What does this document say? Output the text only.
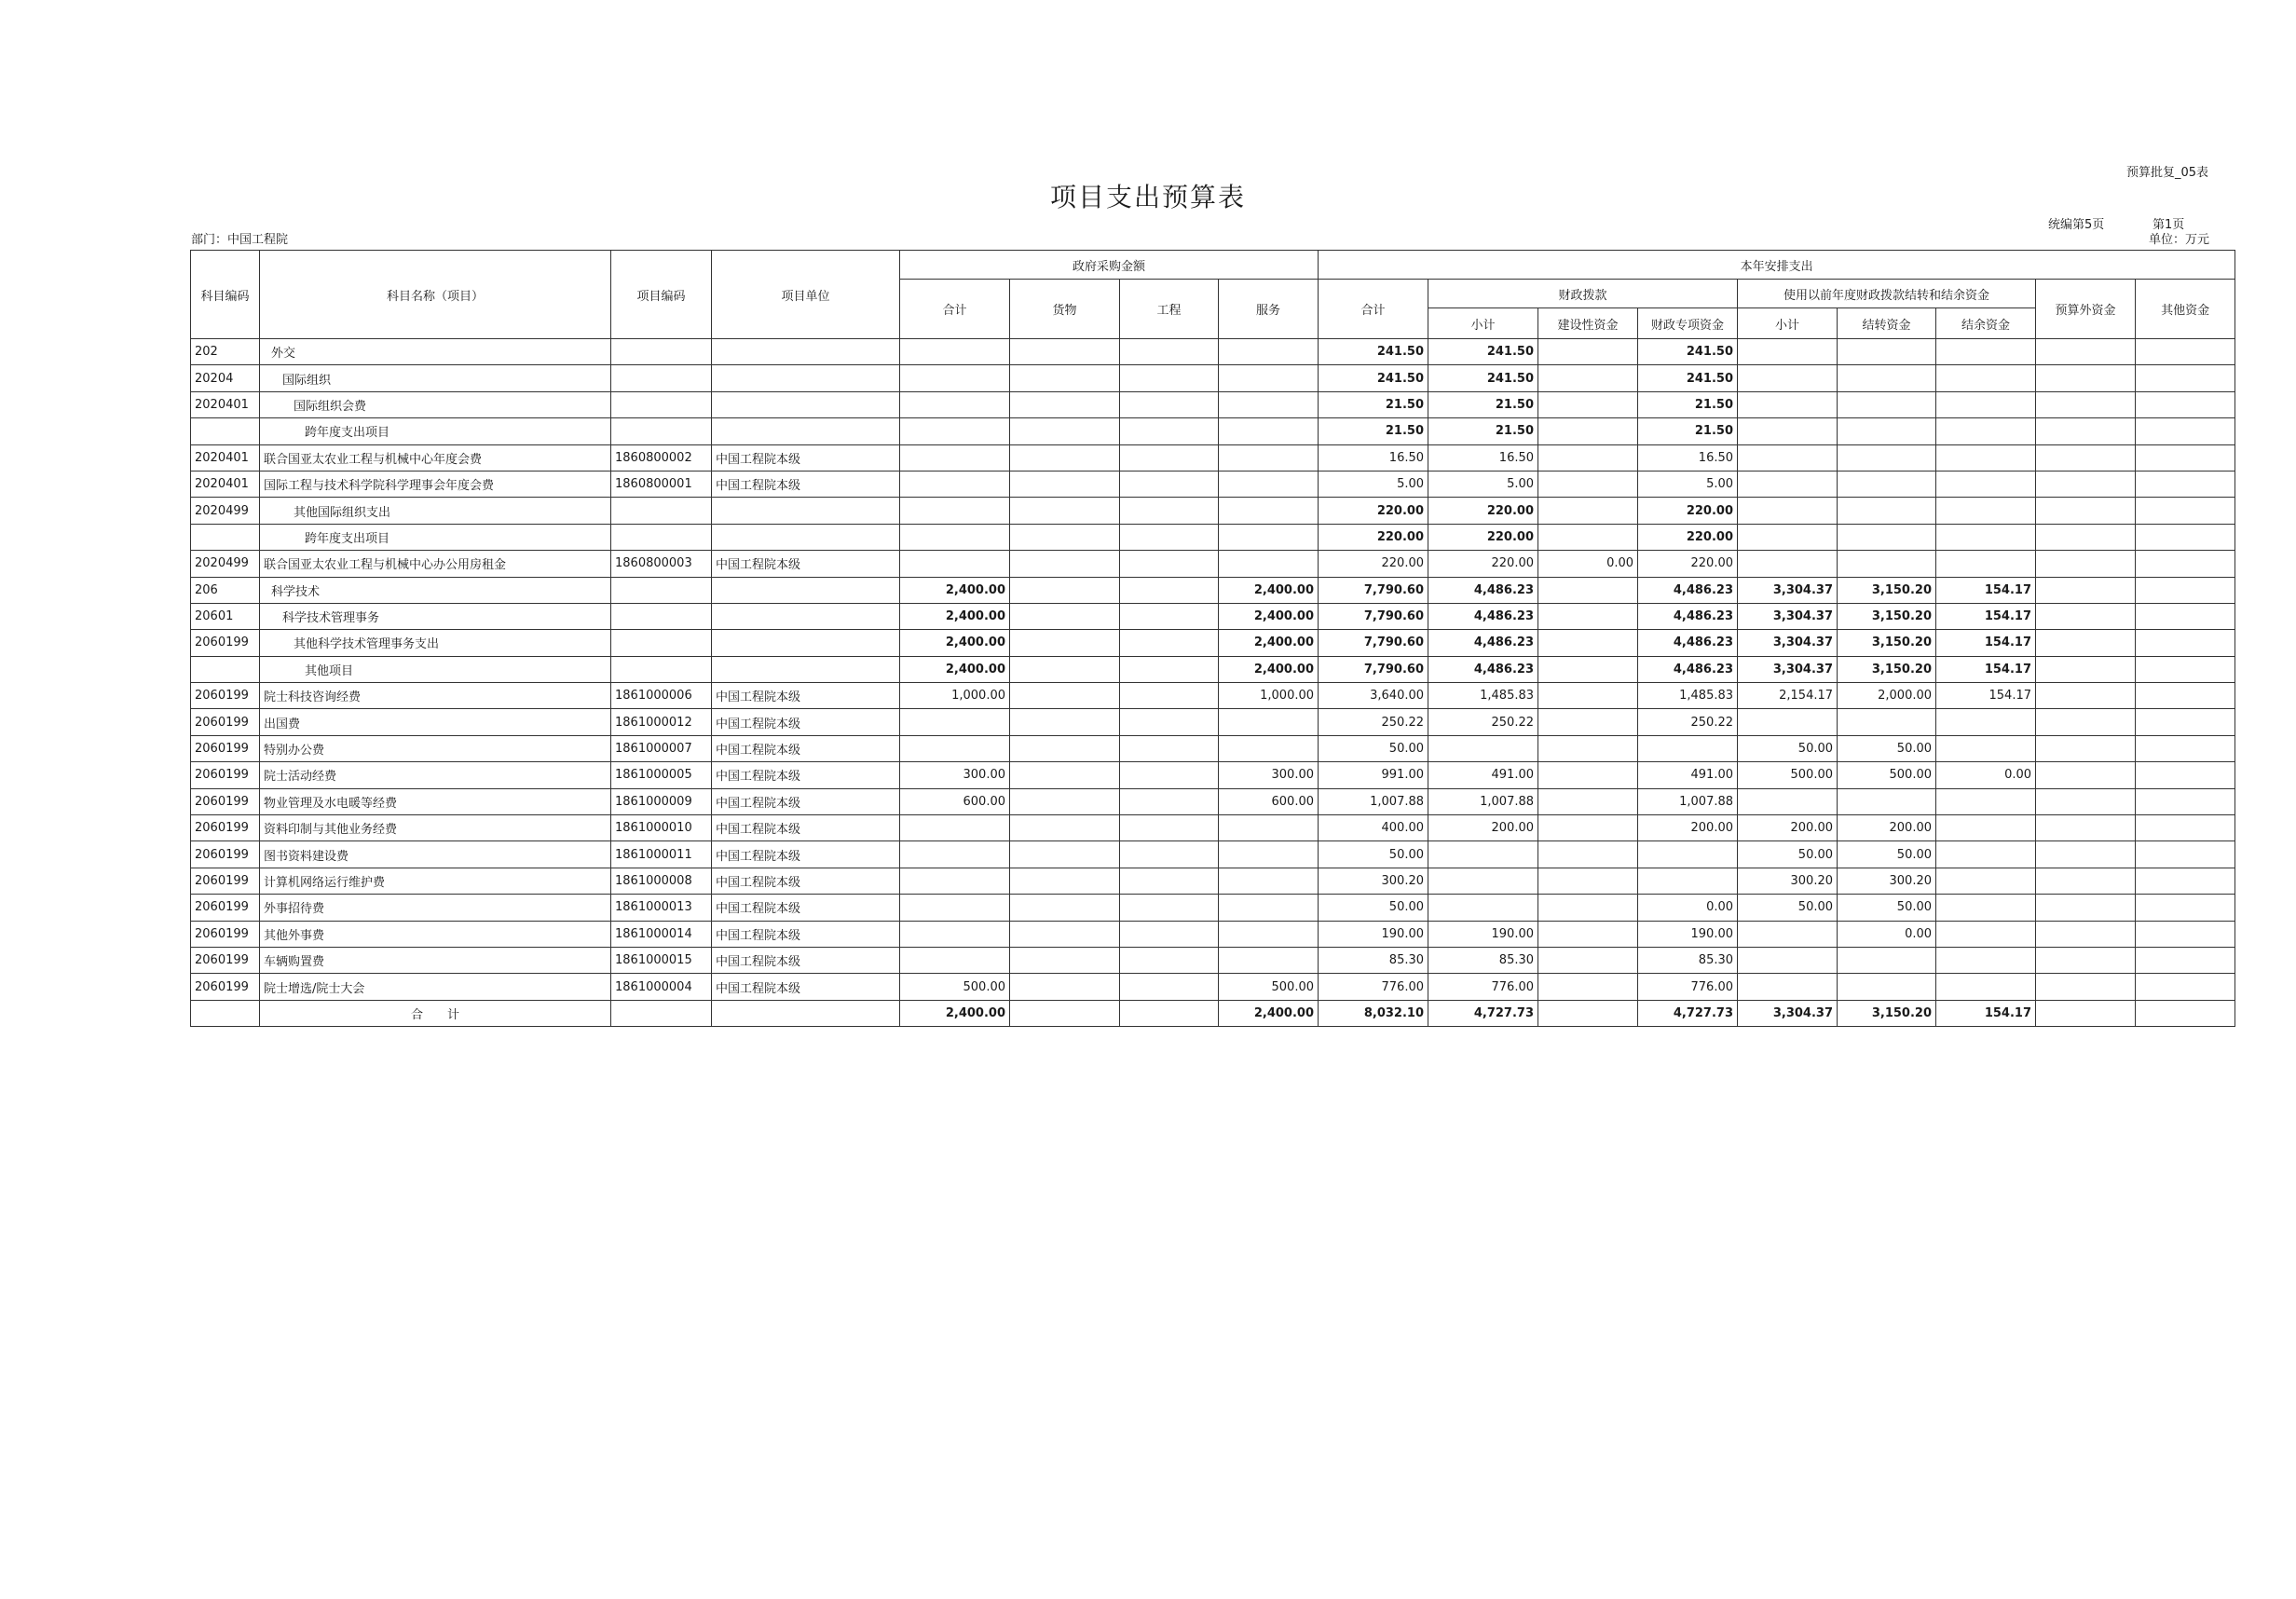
预算批复_05表
项目支出预算表
统编第5页	第1页
部门：中国工程院	单位：万元
科目编码	科目名称（项目）	项目编码	项目单位	政府采购金额				本年安排支出								
				合计	货物	工程	服务	合计	财政拨款			使用以前年度财政拨款结转和结余资金			预算外资金	其他资金
									小计	建设性资金	财政专项资金	小计	结转资金	结余资金		
202	外交							241.50	241.50		241.50					
20204	国际组织							241.50	241.50		241.50					
2020401	国际组织会费							21.50	21.50		21.50					
	跨年度支出项目							21.50	21.50		21.50					
2020401	联合国亚太农业工程与机械中心年度会费	1860800002	中国工程院本级					16.50	16.50		16.50					
2020401	国际工程与技术科学院科学理事会年度会费	1860800001	中国工程院本级					5.00	5.00		5.00					
2020499	其他国际组织支出							220.00	220.00		220.00					
	跨年度支出项目							220.00	220.00		220.00					
2020499	联合国亚太农业工程与机械中心办公用房租金	1860800003	中国工程院本级					220.00	220.00	0.00	220.00					
206	科学技术			2,400.00			2,400.00	7,790.60	4,486.23		4,486.23	3,304.37	3,150.20	154.17		
20601	科学技术管理事务			2,400.00			2,400.00	7,790.60	4,486.23		4,486.23	3,304.37	3,150.20	154.17		
2060199	其他科学技术管理事务支出			2,400.00			2,400.00	7,790.60	4,486.23		4,486.23	3,304.37	3,150.20	154.17		
	其他项目			2,400.00			2,400.00	7,790.60	4,486.23		4,486.23	3,304.37	3,150.20	154.17		
2060199	院士科技咨询经费	1861000006	中国工程院本级	1,000.00			1,000.00	3,640.00	1,485.83		1,485.83	2,154.17	2,000.00	154.17		
2060199	出国费	1861000012	中国工程院本级					250.22	250.22		250.22					
2060199	特别办公费	1861000007	中国工程院本级					50.00				50.00	50.00			
2060199	院士活动经费	1861000005	中国工程院本级	300.00			300.00	991.00	491.00		491.00	500.00	500.00	0.00		
2060199	物业管理及水电暖等经费	1861000009	中国工程院本级	600.00			600.00	1,007.88	1,007.88		1,007.88					
2060199	资料印制与其他业务经费	1861000010	中国工程院本级					400.00	200.00		200.00	200.00	200.00			
2060199	图书资料建设费	1861000011	中国工程院本级					50.00				50.00	50.00			
2060199	计算机网络运行维护费	1861000008	中国工程院本级					300.20				300.20	300.20			
2060199	外事招待费	1861000013	中国工程院本级					50.00			0.00	50.00	50.00			
2060199	其他外事费	1861000014	中国工程院本级					190.00	190.00		190.00		0.00			
2060199	车辆购置费	1861000015	中国工程院本级					85.30	85.30		85.30					
2060199	院士增选/院士大会	1861000004	中国工程院本级	500.00			500.00	776.00	776.00		776.00					
	合　　计			2,400.00			2,400.00	8,032.10	4,727.73		4,727.73	3,304.37	3,150.20	154.17		
